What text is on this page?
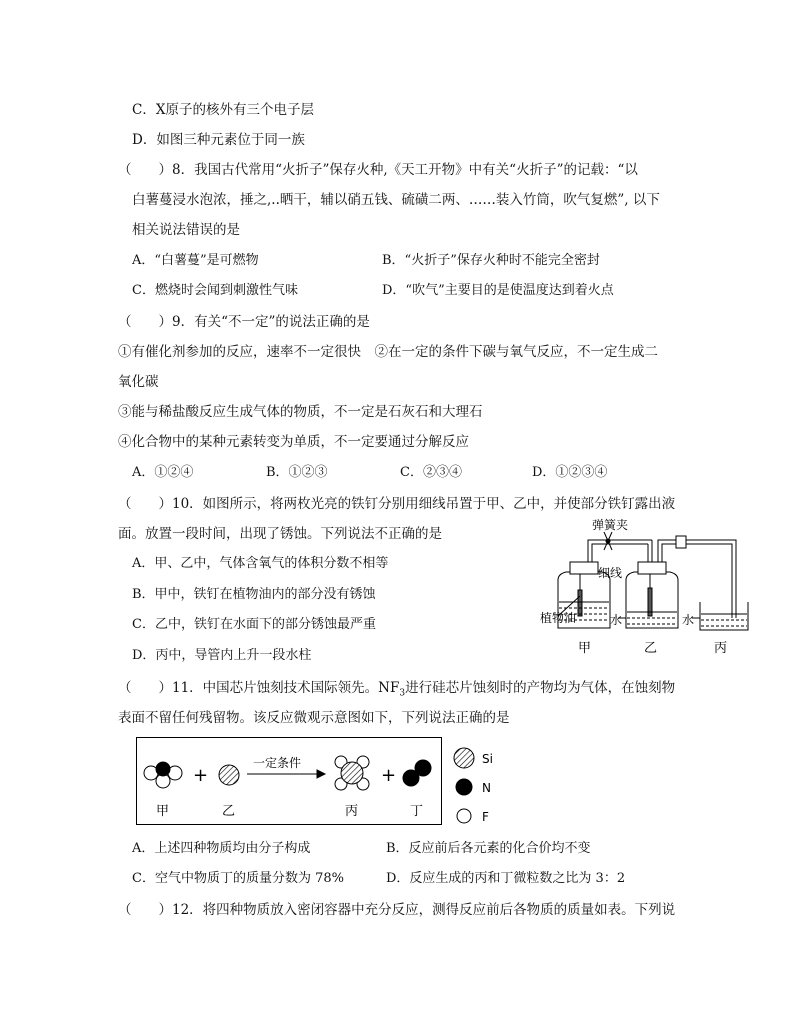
C．X原子的核外有三个电子层
D．如图三种元素位于同一族
（　　）8．我国古代常用“火折子”保存火种,《天工开物》中有关“火折子”的记载：“以
白薯蔓浸水泡浓，捶之,..晒干，辅以硝五钱、硫磺二两、……装入竹筒，吹气复燃”, 以下
相关说法错误的是
A．“白薯蔓”是可燃物	B．“火折子”保存火种时不能完全密封
C．燃烧时会闻到刺激性气味	D．“吹气”主要目的是使温度达到着火点
（　　）9．有关“不一定”的说法正确的是
①有催化剂参加的反应，速率不一定很快　②在一定的条件下碳与氧气反应，不一定生成二
氧化碳
③能与稀盐酸反应生成气体的物质，不一定是石灰石和大理石
④化合物中的某种元素转变为单质，不一定要通过分解反应
A．①②④	B．①②③	C．②③④	D．①②③④
（　　）10．如图所示，将两枚光亮的铁钉分别用细线吊置于甲、乙中，并使部分铁钉露出液
面。放置一段时间，出现了锈蚀。下列说法不正确的是
A．甲、乙中，气体含氧气的体积分数不相等
B．甲中，铁钉在植物油内的部分没有锈蚀
C．乙中，铁钉在水面下的部分锈蚀最严重
D．丙中，导管内上升一段水柱
弹簧夹
细线
植物油	水	水
甲	乙	丙
（　　）11．中国芯片蚀刻技术国际领先。$NF_3$进行硅芯片蚀刻时的产物均为气体，在蚀刻物
表面不留任何残留物。该反应微观示意图如下，下列说法正确的是
+	+
一定条件
甲	乙	丙	丁
Si
N
F
A．上述四种物质均由分子构成	B．反应前后各元素的化合价均不变
C．空气中物质丁的质量分数为 78%	D．反应生成的丙和丁微粒数之比为 3：2
（　　）12．将四种物质放入密闭容器中充分反应，测得反应前后各物质的质量如表。下列说
